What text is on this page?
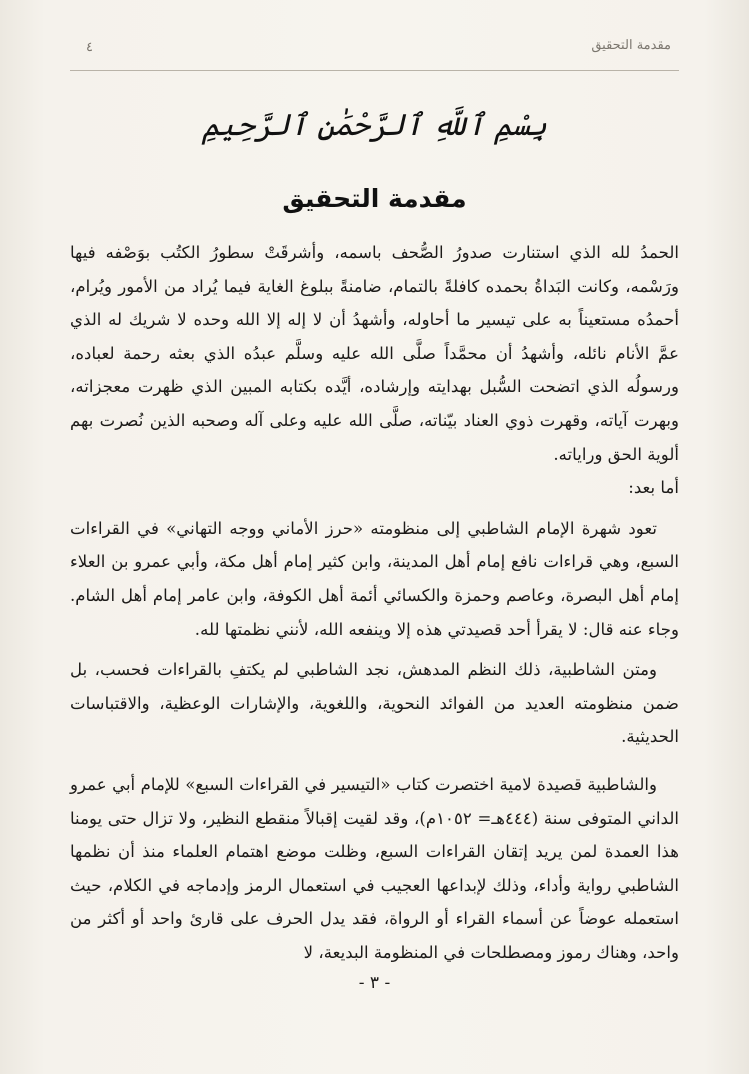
مقدمة التحقيق
٤
بِسْمِ ٱللَّهِ ٱلرَّحْمَٰنِ ٱلرَّحِيمِ
مقدمة التحقيق

الحمدُ لله الذي استنارت صدورُ الصُّحف باسمه، وأشرقَتْ سطورُ الكتُب بوَصْفه فيها ورَسْمه، وكانت البَداةُ بحمده كافلةً بالتمام، ضامنةً ببلوغ الغاية فيما يُراد من الأمور ويُرام، أحمدُه مستعيناً به على تيسير ما أحاوله، وأشهدُ أن لا إله إلا الله وحده لا شريك له الذي عمَّ الأنام نائله، وأشهدُ أن محمَّداً صلَّى الله عليه وسلَّم عبدُه الذي بعثه رحمة لعباده، ورسولُه الذي اتضحت السُّبل بهدايته وإرشاده، أيَّده بكتابه المبين الذي ظهرت معجزاته، وبهرت آياته، وقهرت ذوي العناد بيّناته، صلَّى الله عليه وعلى آله وصحبه الذين نُصرت بهم ألوية الحق وراياته.

أما بعد:

تعود شهرة الإمام الشاطبي إلى منظومته «حرز الأماني ووجه التهاني» في القراءات السبع، وهي قراءات نافع إمام أهل المدينة، وابن كثير إمام أهل مكة، وأبي عمرو بن العلاء إمام أهل البصرة، وعاصم وحمزة والكسائي أئمة أهل الكوفة، وابن عامر إمام أهل الشام. وجاء عنه قال: لا يقرأ أحد قصيدتي هذه إلا وينفعه الله، لأنني نظمتها لله.

ومتن الشاطبية، ذلك النظم المدهش، نجد الشاطبي لم يكتفِ بالقراءات فحسب، بل ضمن منظومته العديد من الفوائد النحوية، واللغوية، والإشارات الوعظية، والاقتباسات الحديثية.

والشاطبية قصيدة لامية اختصرت كتاب «التيسير في القراءات السبع» للإمام أبي عمرو الداني المتوفى سنة (٤٤٤هـ= ١٠٥٢م)، وقد لقيت إقبالاً منقطع النظير، ولا تزال حتى يومنا هذا العمدة لمن يريد إتقان القراءات السبع، وظلت موضع اهتمام العلماء منذ أن نظمها الشاطبي رواية وأداء، وذلك لإبداعها العجيب في استعمال الرمز وإدماجه في الكلام، حيث استعمله عوضاً عن أسماء القراء أو الرواة، فقد يدل الحرف على قارئ واحد أو أكثر من واحد، وهناك رموز ومصطلحات في المنظومة البديعة، لا

- ٣ -
